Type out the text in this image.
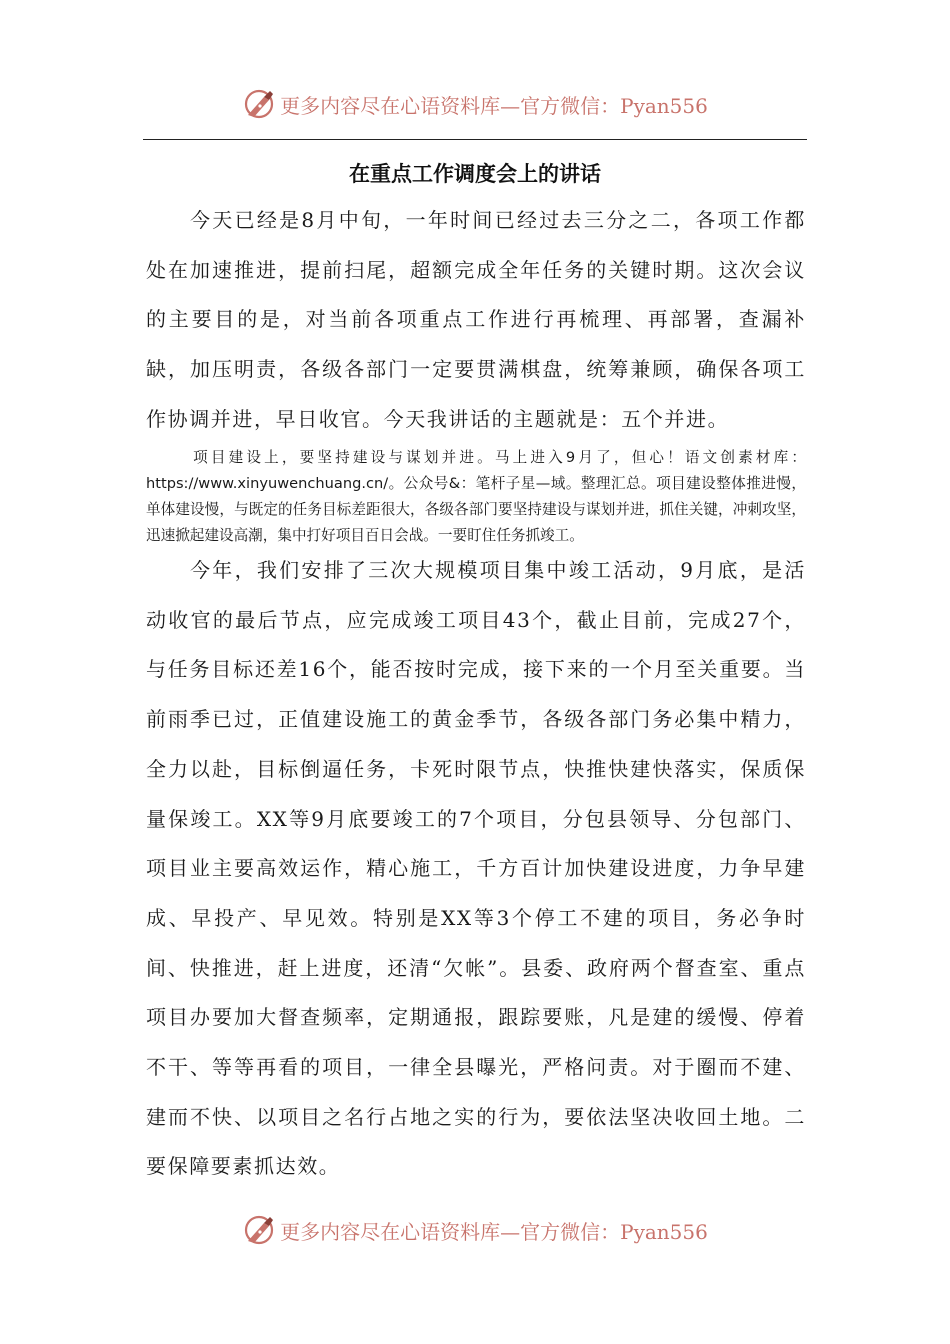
更多内容尽在心语资料库—官方微信：Pyan556
在重点工作调度会上的讲话

今天已经是8月中旬，一年时间已经过去三分之二，各项工作都处在加速推进，提前扫尾，超额完成全年任务的关键时期。这次会议的主要目的是，对当前各项重点工作进行再梳理、再部署，查漏补缺，加压明责，各级各部门一定要贯满棋盘，统筹兼顾，确保各项工作协调并进，早日收官。今天我讲话的主题就是：五个并进。

项目建设上，要坚持建设与谋划并进。马上进入9月了，但心！语文创素材库：https://www.xinyuwenchuang.cn/。公众号&：笔杆子星—域。整理汇总。项目建设整体推进慢，单体建设慢，与既定的任务目标差距很大，各级各部门要坚持建设与谋划并进，抓住关键，冲刺攻坚，迅速掀起建设高潮，集中打好项目百日会战。一要盯住任务抓竣工。

今年，我们安排了三次大规模项目集中竣工活动，9月底，是活动收官的最后节点，应完成竣工项目43个，截止目前，完成27个，与任务目标还差16个，能否按时完成，接下来的一个月至关重要。当前雨季已过，正值建设施工的黄金季节，各级各部门务必集中精力，全力以赴，目标倒逼任务，卡死时限节点，快推快建快落实，保质保量保竣工。XX等9月底要竣工的7个项目，分包县领导、分包部门、项目业主要高效运作，精心施工，千方百计加快建设进度，力争早建成、早投产、早见效。特别是XX等3个停工不建的项目，务必争时间、快推进，赶上进度，还清“欠帐”。县委、政府两个督查室、重点项目办要加大督查频率，定期通报，跟踪要账，凡是建的缓慢、停着不干、等等再看的项目，一律全县曝光，严格问责。对于圈而不建、建而不快、以项目之名行占地之实的行为，要依法坚决收回土地。二要保障要素抓达效。

更多内容尽在心语资料库—官方微信：Pyan556
